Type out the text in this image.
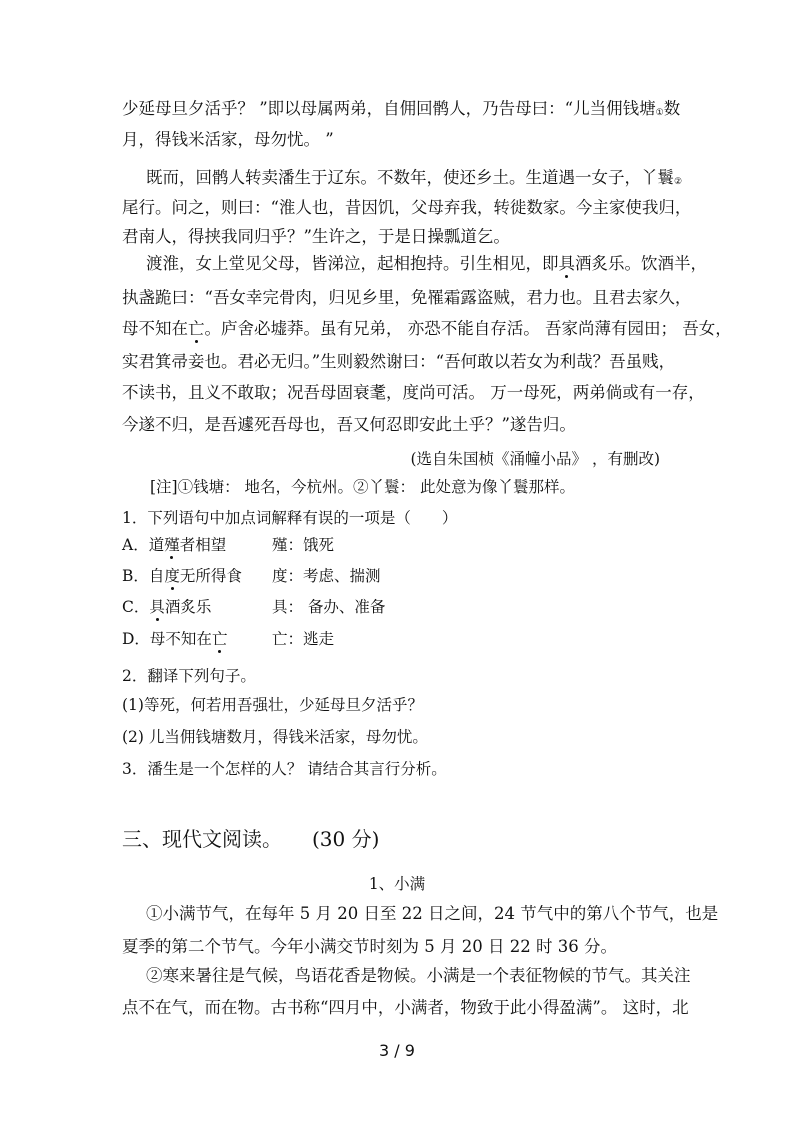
少延母旦夕活乎？ ”即以母属两弟，自佣回鹘人，乃告母曰：“儿当佣钱塘①数
月，得钱米活家，母勿忧。 ”
既而，回鹘人转卖潘生于辽东。不数年，使还乡土。生道遇一女子，丫鬟②
尾行。问之，则曰：“淮人也，昔因饥，父母弃我，转徙数家。今主家使我归，
君南人，得挟我同归乎？”生许之，于是日操瓢道乞。
渡淮，女上堂见父母，皆涕泣，起相抱持。引生相见，即具酒炙乐。饮酒半，
执盏跪曰：“吾女幸完骨肉，归见乡里，免罹霜露盗贼，君力也。且君去家久，
母不知在亡。庐舍必墟莽。虽有兄弟， 亦恐不能自存活。 吾家尚薄有园田； 吾女，
实君箕帚妾也。君必无归。”生则毅然谢曰：“吾何敢以若女为利哉？吾虽贱，
不读书，且义不敢取；况吾母固衰耄，度尚可活。 万一母死，两弟倘或有一存，
今遂不归，是吾遽死吾母也，吾又何忍即安此土乎？”遂告归。
(选自朱国桢《涌幢小品》 ，有删改)
[注]①钱塘： 地名，今杭州。②丫鬟： 此处意为像丫鬟那样。
1．下列语句中加点词解释有误的一项是（　　）
A．道殣者相望	殣：饿死
B．自度无所得食 度：考虑、揣测
C．具酒炙乐	具： 备办、准备
D．母不知在亡	亡：逃走
2．翻译下列句子。
(1)等死，何若用吾强壮，少延母旦夕活乎？
(2) 儿当佣钱塘数月，得钱米活家，母勿忧。
3．潘生是一个怎样的人？ 请结合其言行分析。
三、现代文阅读。 (30 分)
1、小满
①小满节气，在每年 5 月 20 日至 22 日之间，24 节气中的第八个节气，也是
夏季的第二个节气。今年小满交节时刻为 5 月 20 日 22 时 36 分。
②寒来暑往是气候，鸟语花香是物候。小满是一个表征物候的节气。其关注
点不在气，而在物。古书称“四月中，小满者，物致于此小得盈满”。 这时，北
3 / 9
